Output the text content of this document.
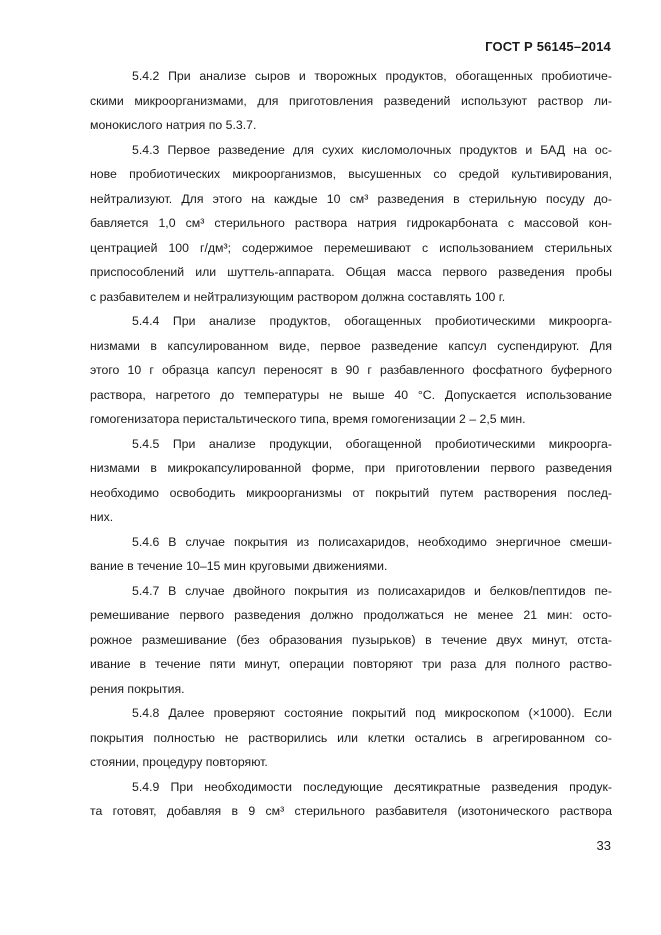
ГОСТ Р 56145–2014
5.4.2 При анализе сыров и творожных продуктов, обогащенных пробиотиче-
скими микроорганизмами, для приготовления разведений используют раствор ли-
монокислого натрия по 5.3.7.
5.4.3 Первое разведение для сухих кисломолочных продуктов и БАД на ос-
нове пробиотических микроорганизмов, высушенных со средой культивирования,
нейтрализуют. Для этого на каждые 10 см³ разведения в стерильную посуду до-
бавляется 1,0 см³ стерильного раствора натрия гидрокарбоната с массовой кон-
центрацией 100 г/дм³; содержимое перемешивают с использованием стерильных
приспособлений или шуттель-аппарата. Общая масса первого разведения пробы
с разбавителем и нейтрализующим раствором должна составлять 100 г.
5.4.4 При анализе продуктов, обогащенных пробиотическими микроорга-
низмами в капсулированном виде, первое разведение капсул суспендируют. Для
этого 10 г образца капсул переносят в 90 г разбавленного фосфатного буферного
раствора, нагретого до температуры не выше 40 °С. Допускается использование
гомогенизатора перистальтического типа, время гомогенизации 2 – 2,5 мин.
5.4.5 При анализе продукции, обогащенной пробиотическими микроорга-
низмами в микрокапсулированной форме, при приготовлении первого разведения
необходимо освободить микроорганизмы от покрытий путем растворения послед-
них.
5.4.6 В случае покрытия из полисахаридов, необходимо энергичное смеши-
вание в течение 10–15 мин круговыми движениями.
5.4.7 В случае двойного покрытия из полисахаридов и белков/пептидов пе-
ремешивание первого разведения должно продолжаться не менее 21 мин: осто-
рожное размешивание (без образования пузырьков) в течение двух минут, отста-
ивание в течение пяти минут, операции повторяют три раза для полного раство-
рения покрытия.
5.4.8 Далее проверяют состояние покрытий под микроскопом (×1000). Если
покрытия полностью не растворились или клетки остались в агрегированном со-
стоянии, процедуру повторяют.
5.4.9 При необходимости последующие десятикратные разведения продук-
та готовят, добавляя в 9 см³ стерильного разбавителя (изотонического раствора
33
